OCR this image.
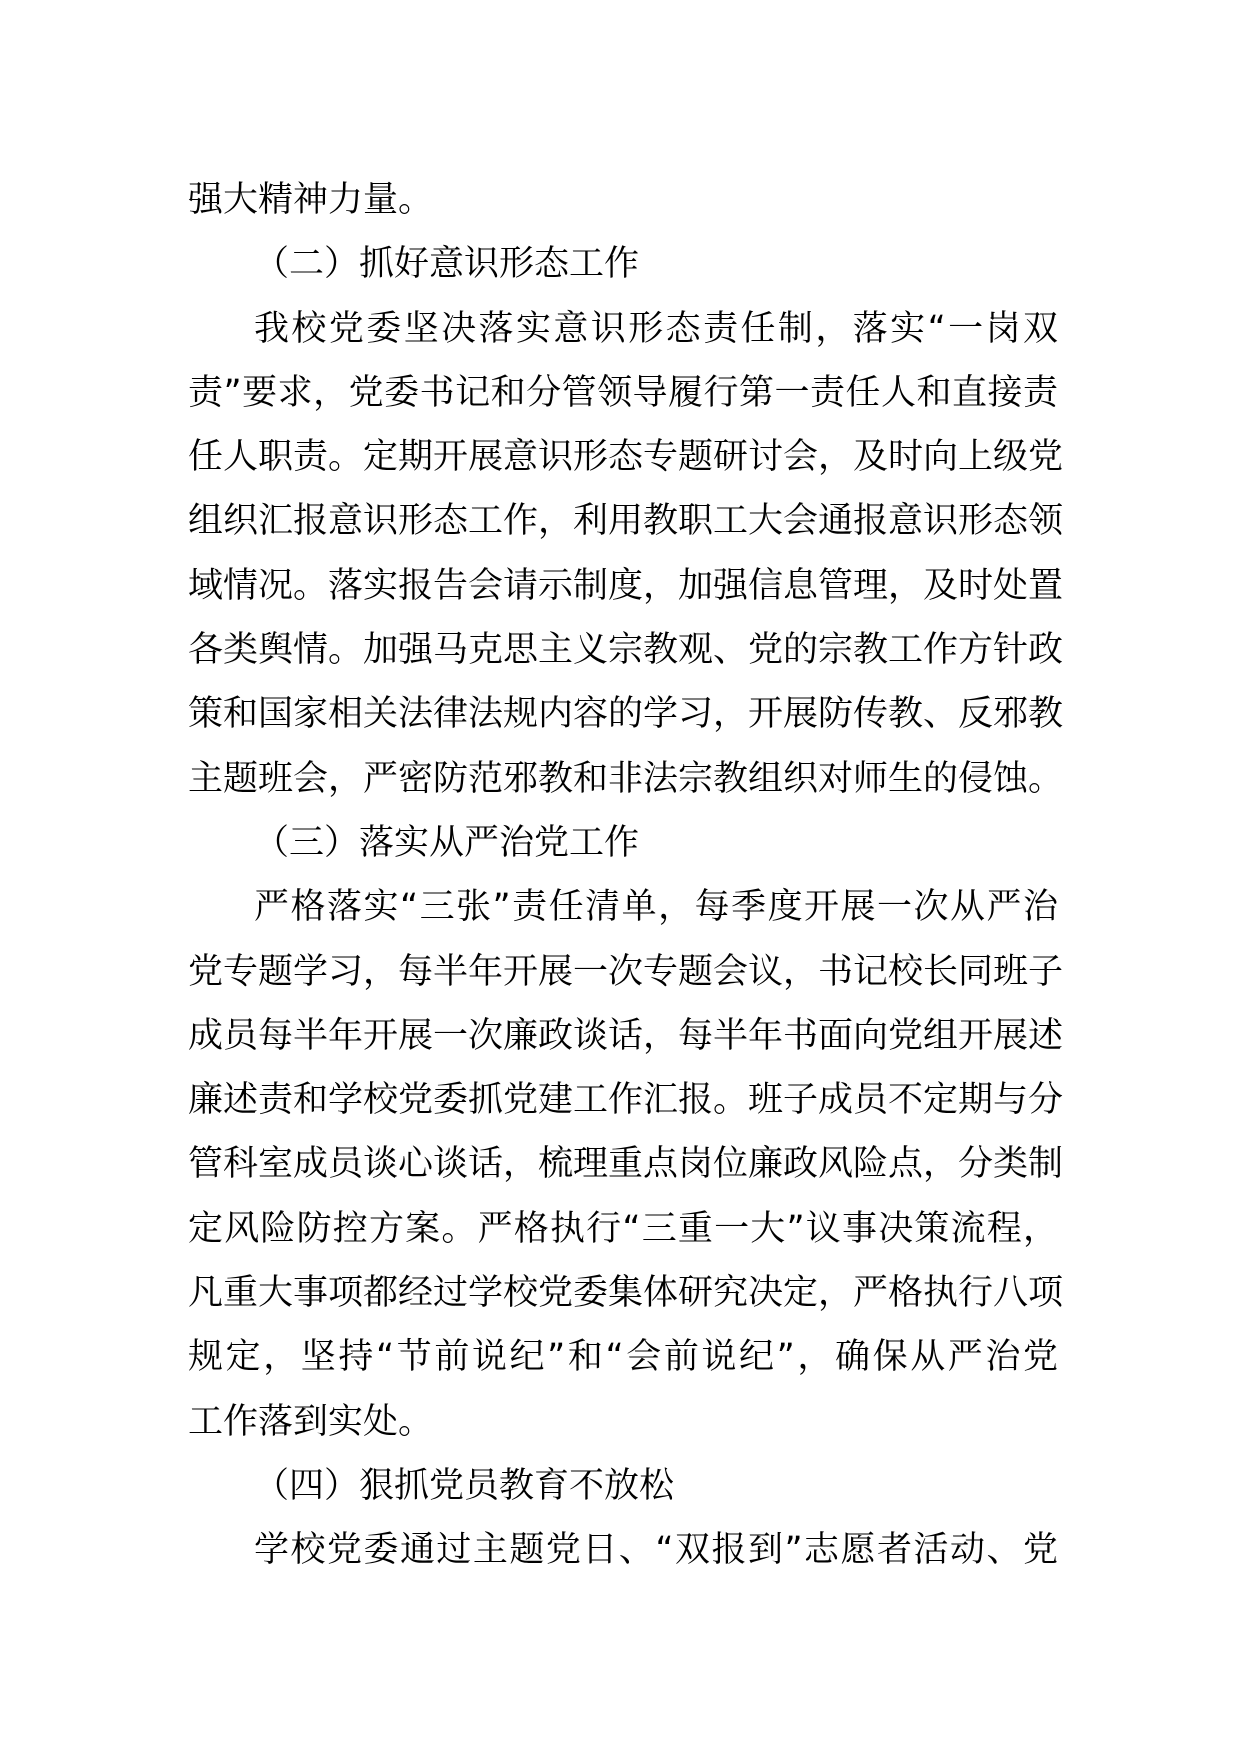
强大精神力量。
（二）抓好意识形态工作
我校党委坚决落实意识形态责任制，落实“一岗双
责”要求，党委书记和分管领导履行第一责任人和直接责
任人职责。定期开展意识形态专题研讨会，及时向上级党
组织汇报意识形态工作，利用教职工大会通报意识形态领
域情况。落实报告会请示制度，加强信息管理，及时处置
各类舆情。加强马克思主义宗教观、党的宗教工作方针政
策和国家相关法律法规内容的学习，开展防传教、反邪教
主题班会，严密防范邪教和非法宗教组织对师生的侵蚀。
（三）落实从严治党工作
严格落实“三张”责任清单，每季度开展一次从严治
党专题学习，每半年开展一次专题会议，书记校长同班子
成员每半年开展一次廉政谈话，每半年书面向党组开展述
廉述责和学校党委抓党建工作汇报。班子成员不定期与分
管科室成员谈心谈话，梳理重点岗位廉政风险点，分类制
定风险防控方案。严格执行“三重一大”议事决策流程，
凡重大事项都经过学校党委集体研究决定，严格执行八项
规定，坚持“节前说纪”和“会前说纪”，确保从严治党
工作落到实处。
（四）狠抓党员教育不放松
学校党委通过主题党日、“双报到”志愿者活动、党
